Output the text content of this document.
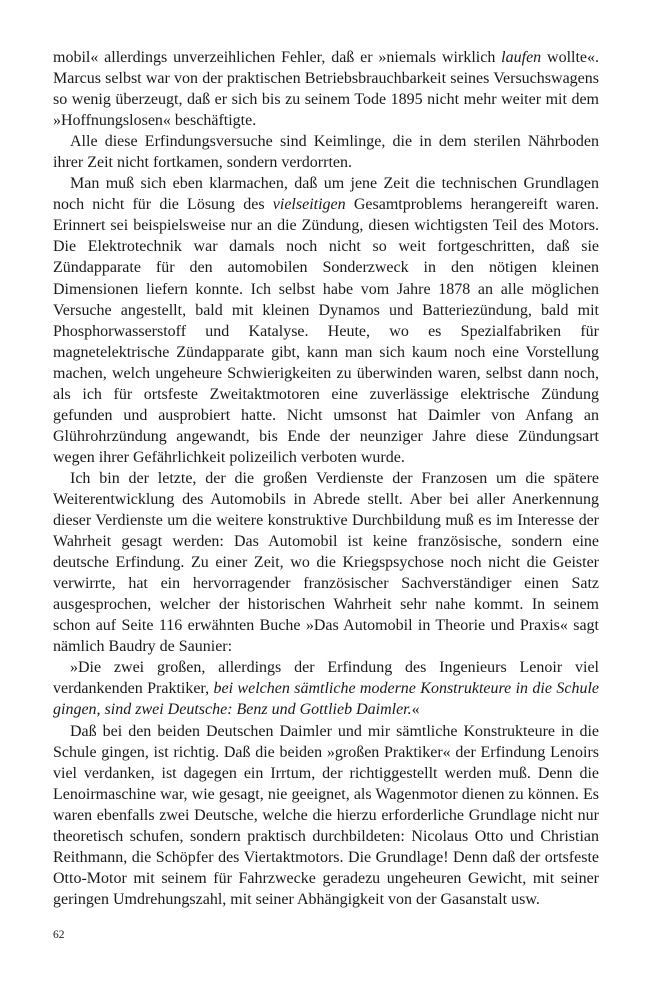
mobil« allerdings unverzeihlichen Fehler, daß er »niemals wirklich laufen wollte«. Marcus selbst war von der praktischen Betriebsbrauchbarkeit seines Versuchswagens so wenig überzeugt, daß er sich bis zu seinem Tode 1895 nicht mehr weiter mit dem »Hoffnungslosen« beschäftigte.

Alle diese Erfindungsversuche sind Keimlinge, die in dem sterilen Nährboden ihrer Zeit nicht fortkamen, sondern verdorrten.

Man muß sich eben klarmachen, daß um jene Zeit die technischen Grundlagen noch nicht für die Lösung des vielseitigen Gesamtproblems herangereift waren. Erinnert sei beispielsweise nur an die Zündung, diesen wichtigsten Teil des Motors. Die Elektrotechnik war damals noch nicht so weit fortgeschritten, daß sie Zündapparate für den automobilen Sonderzweck in den nötigen kleinen Dimensionen liefern konnte. Ich selbst habe vom Jahre 1878 an alle möglichen Versuche angestellt, bald mit kleinen Dynamos und Batteriezündung, bald mit Phosphorwasserstoff und Katalyse. Heute, wo es Spezialfabriken für magnetelektrische Zündapparate gibt, kann man sich kaum noch eine Vorstellung machen, welch ungeheure Schwierigkeiten zu überwinden waren, selbst dann noch, als ich für ortsfeste Zweitaktmotoren eine zuverlässige elektrische Zündung gefunden und ausprobiert hatte. Nicht umsonst hat Daimler von Anfang an Glührohrzündung angewandt, bis Ende der neunziger Jahre diese Zündungsart wegen ihrer Gefährlichkeit polizeilich verboten wurde.

Ich bin der letzte, der die großen Verdienste der Franzosen um die spätere Weiterentwicklung des Automobils in Abrede stellt. Aber bei aller Anerkennung dieser Verdienste um die weitere konstruktive Durchbildung muß es im Interesse der Wahrheit gesagt werden: Das Automobil ist keine französische, sondern eine deutsche Erfindung. Zu einer Zeit, wo die Kriegspsychose noch nicht die Geister verwirrte, hat ein hervorragender französischer Sachverständiger einen Satz ausgesprochen, welcher der historischen Wahrheit sehr nahe kommt. In seinem schon auf Seite 116 erwähnten Buche »Das Automobil in Theorie und Praxis« sagt nämlich Baudry de Saunier:

»Die zwei großen, allerdings der Erfindung des Ingenieurs Lenoir viel verdankenden Praktiker, bei welchen sämtliche moderne Konstrukteure in die Schule gingen, sind zwei Deutsche: Benz und Gottlieb Daimler.«

Daß bei den beiden Deutschen Daimler und mir sämtliche Konstrukteure in die Schule gingen, ist richtig. Daß die beiden »großen Praktiker« der Erfindung Lenoirs viel verdanken, ist dagegen ein Irrtum, der richtiggestellt werden muß. Denn die Lenoirmaschine war, wie gesagt, nie geeignet, als Wagenmotor dienen zu können. Es waren ebenfalls zwei Deutsche, welche die hierzu erforderliche Grundlage nicht nur theoretisch schufen, sondern praktisch durchbildeten: Nicolaus Otto und Christian Reithmann, die Schöpfer des Viertaktmotors. Die Grundlage! Denn daß der ortsfeste Otto-Motor mit seinem für Fahrzwecke geradezu ungeheuren Gewicht, mit seiner geringen Umdrehungszahl, mit seiner Abhängigkeit von der Gasanstalt usw.

62
